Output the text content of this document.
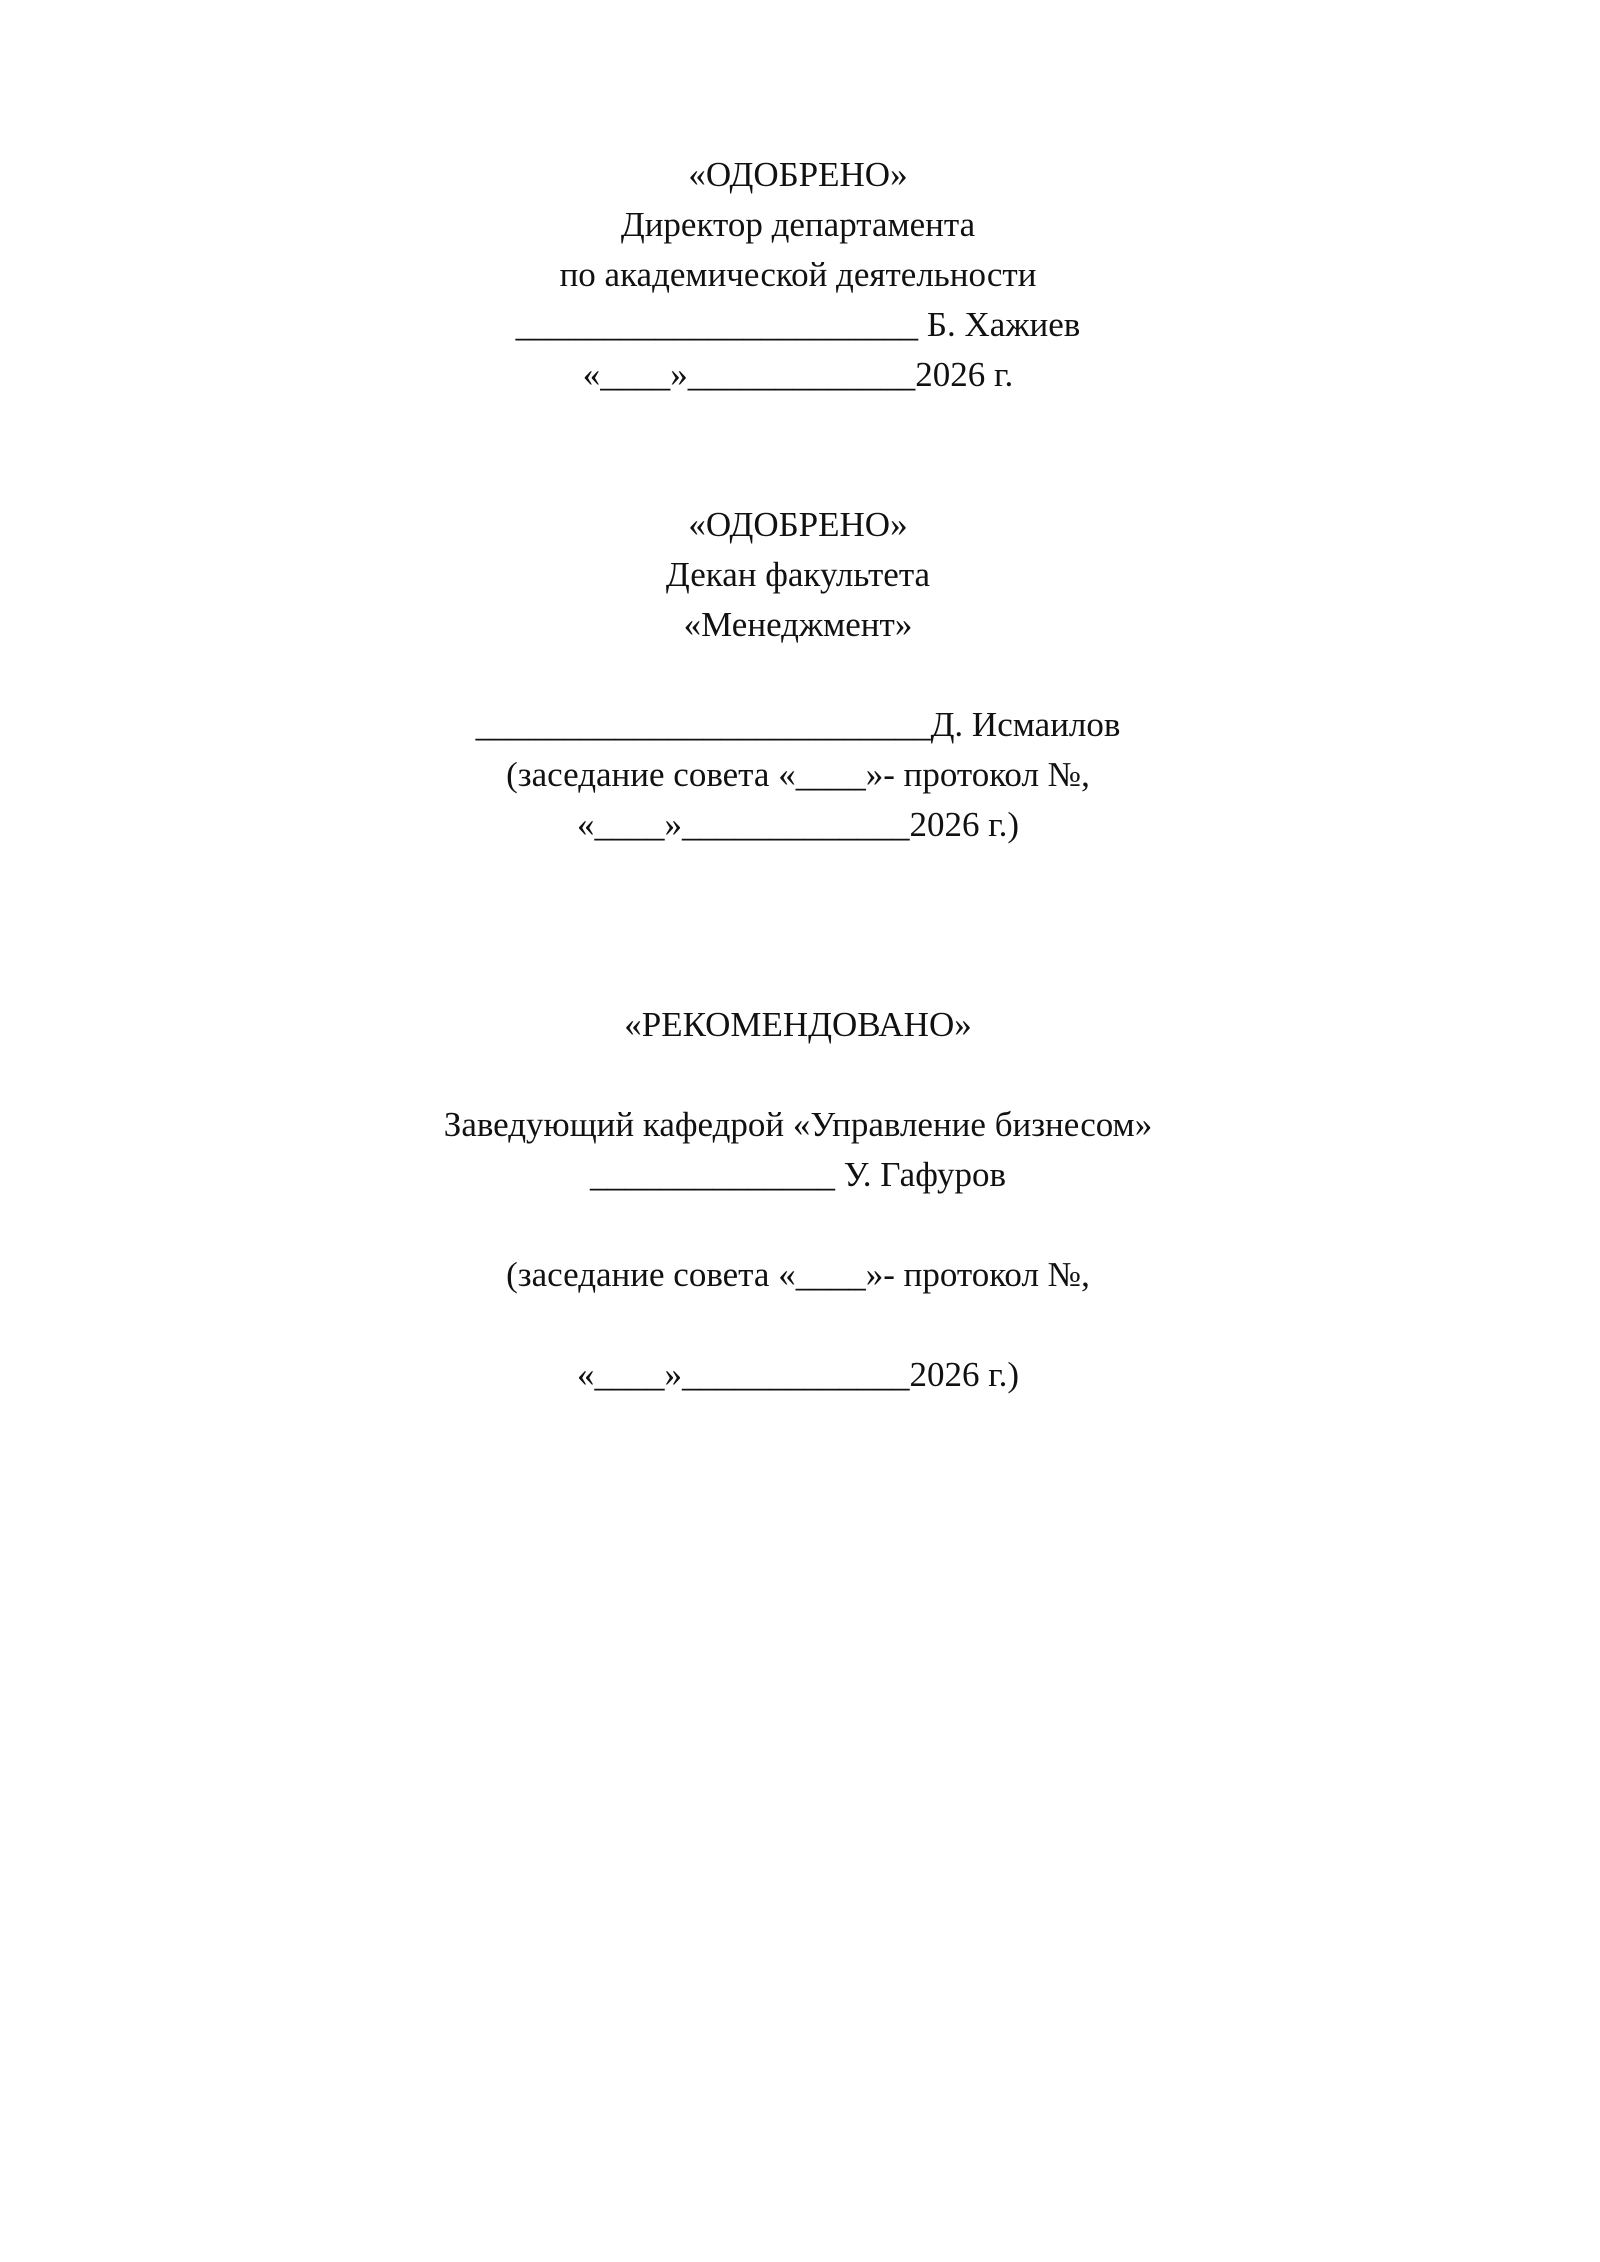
«ОДОБРЕНО»
Директор департамента
по академической деятельности
_______________________ Б. Хажиев
«____»_____________2026 г.
«ОДОБРЕНО»
Декан факультета
«Менеджмент»
__________________________Д. Исмаилов
(заседание совета «____»- протокол №,
«____»_____________2026 г.)
«РЕКОМЕНДОВАНО»
Заведующий кафедрой «Управление бизнесом»
______________ У. Гафуров
(заседание совета «____»- протокол №,
«____»_____________2026 г.)
